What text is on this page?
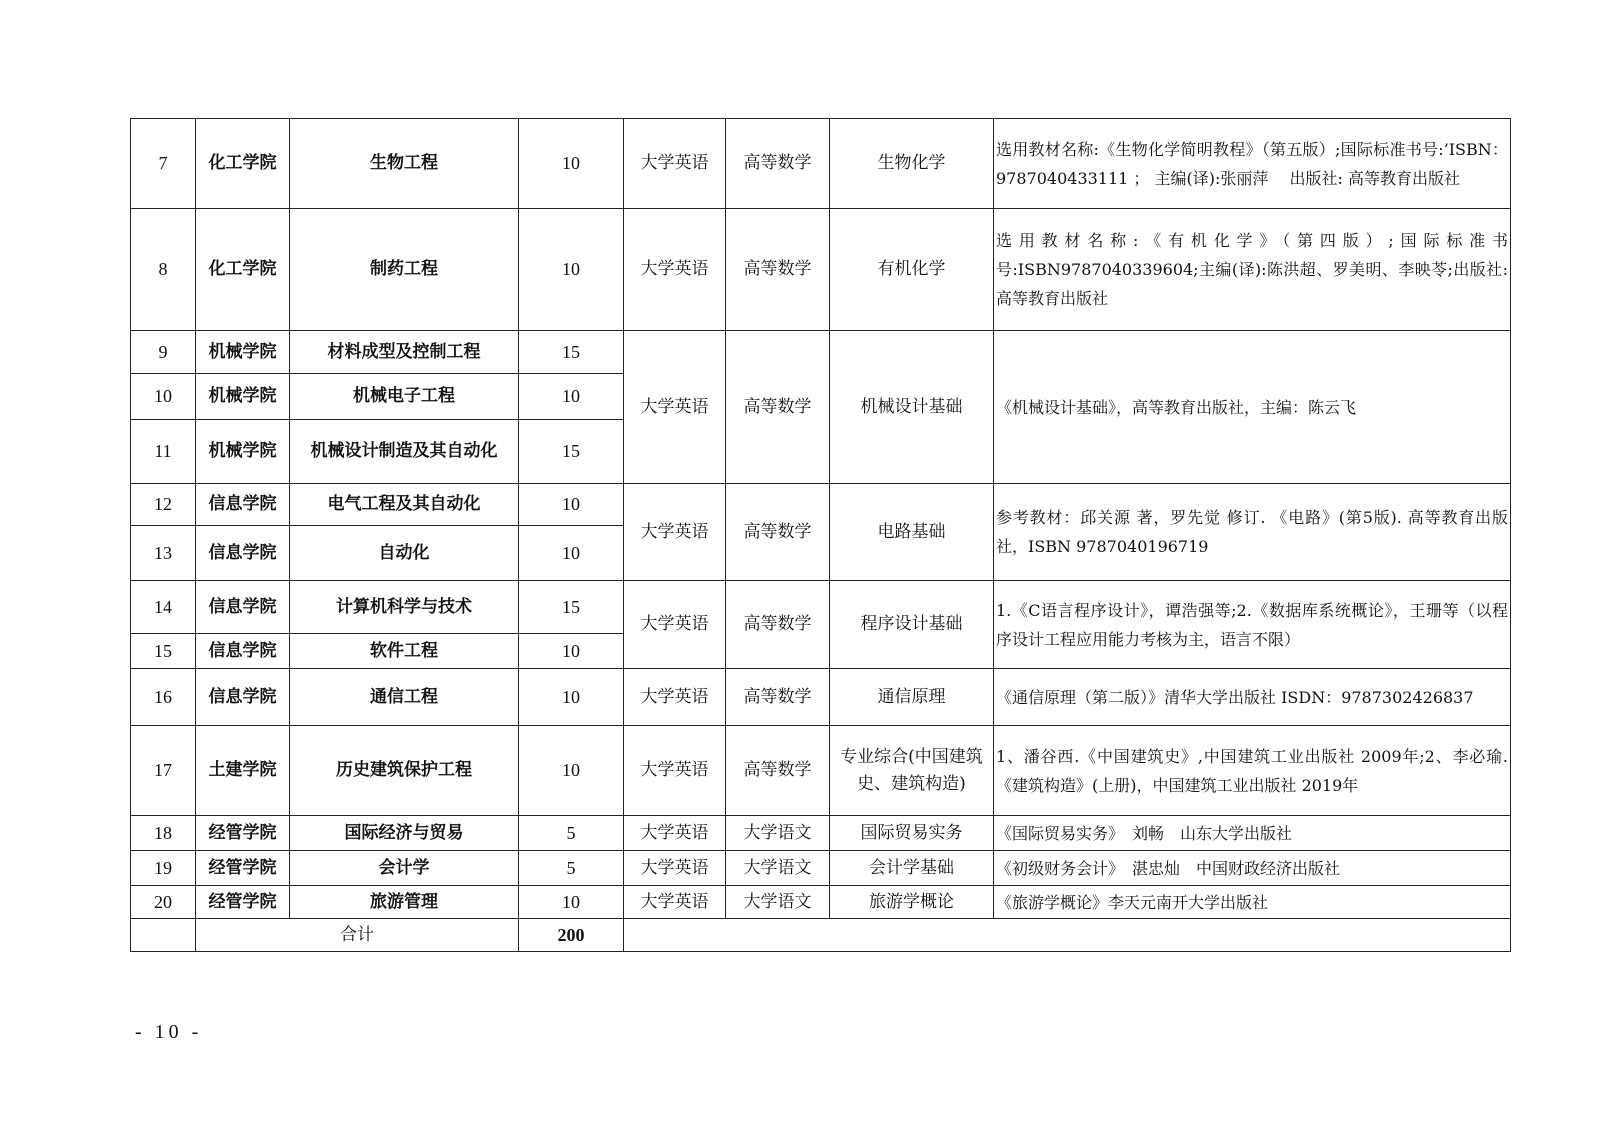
7	化工学院	生物工程	10	大学英语	高等数学	生物化学	选用教材名称:《生物化学简明教程》（第五版）;国际标准书号:’ISBN：9787040433111 ； 主编(译):张丽萍　 出版社: 高等教育出版社
8	化工学院	制药工程	10	大学英语	高等数学	有机化学	选用教材名称:《有机化学》（第四版）;国际标准书号:ISBN9787040339604;主编(译):陈洪超、罗美明、李映苓;出版社:高等教育出版社
9	机械学院	材料成型及控制工程	15	大学英语	高等数学	机械设计基础	《机械设计基础》，高等教育出版社，主编：陈云飞
10	机械学院	机械电子工程	10				
11	机械学院	机械设计制造及其自动化	15				
12	信息学院	电气工程及其自动化	10	大学英语	高等数学	电路基础	参考教材：邱关源 著，罗先觉 修订. 《电路》(第5版). 高等教育出版社，ISBN 9787040196719
13	信息学院	自动化	10				
14	信息学院	计算机科学与技术	15	大学英语	高等数学	程序设计基础	1.《C语言程序设计》，谭浩强等;2.《数据库系统概论》，王珊等（以程序设计工程应用能力考核为主，语言不限）
15	信息学院	软件工程	10				
16	信息学院	通信工程	10	大学英语	高等数学	通信原理	《通信原理（第二版）》清华大学出版社 ISDN：9787302426837
17	土建学院	历史建筑保护工程	10	大学英语	高等数学	专业综合(中国建筑史、建筑构造)	1、潘谷西.《中国建筑史》,中国建筑工业出版社 2009年;2、李必瑜.《建筑构造》(上册)，中国建筑工业出版社 2019年
18	经管学院	国际经济与贸易	5	大学英语	大学语文	国际贸易实务	《国际贸易实务》　刘畅　山东大学出版社
19	经管学院	会计学	5	大学英语	大学语文	会计学基础	《初级财务会计》　湛忠灿　中国财政经济出版社
20	经管学院	旅游管理	10	大学英语	大学语文	旅游学概论	《旅游学概论》李天元南开大学出版社
	合计		200				
- 10 -
